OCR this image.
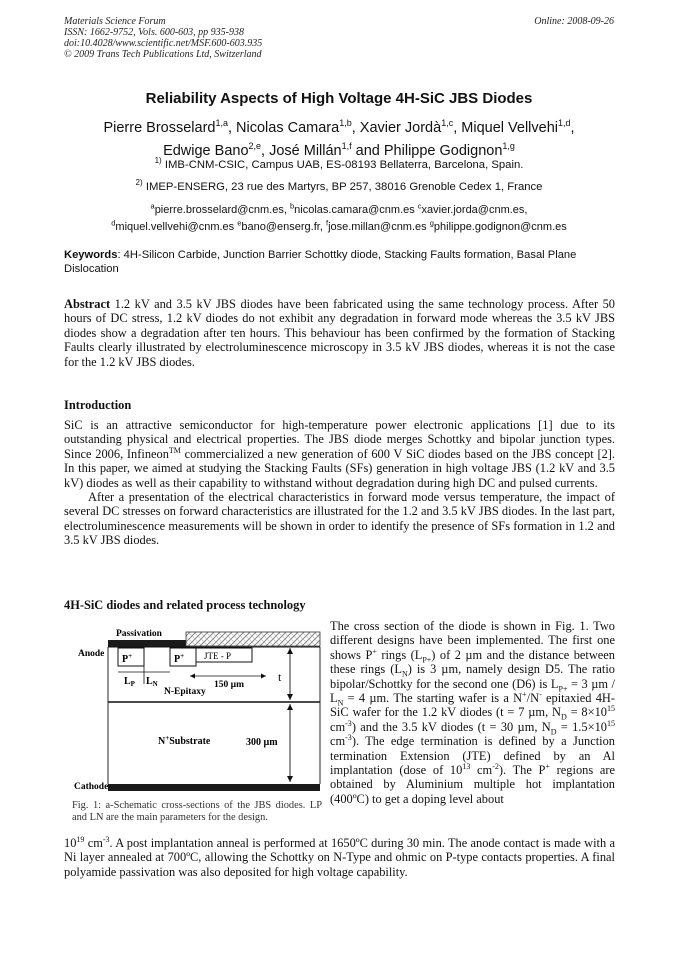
Materials Science Forum
ISSN: 1662-9752, Vols. 600-603, pp 935-938
doi:10.4028/www.scientific.net/MSF.600-603.935
© 2009 Trans Tech Publications Ltd, Switzerland
Online: 2008-09-26
Reliability Aspects of High Voltage 4H-SiC JBS Diodes
Pierre Brosselard$^{1,a}$, Nicolas Camara$^{1,b}$, Xavier Jordà$^{1,c}$, Miquel Vellvehi$^{1,d}$,
Edwige Bano$^{2,e}$, José Millán$^{1,f}$ and Philippe Godignon$^{1,g}$
$^{1)}$ IMB-CNM-CSIC, Campus UAB, ES-08193 Bellaterra, Barcelona, Spain.
$^{2)}$ IMEP-ENSERG, 23 rue des Martyrs, BP 257, 38016 Grenoble Cedex 1, France
$^a$pierre.brosselard@cnm.es, $^b$nicolas.camara@cnm.es $^c$xavier.jorda@cnm.es,
$^d$miquel.vellvehi@cnm.es $^e$bano@enserg.fr, $^f$jose.millan@cnm.es $^g$philippe.godignon@cnm.es
Keywords: 4H-Silicon Carbide, Junction Barrier Schottky diode, Stacking Faults formation, Basal Plane Dislocation
Abstract 1.2 kV and 3.5 kV JBS diodes have been fabricated using the same technology process. After 50 hours of DC stress, 1.2 kV diodes do not exhibit any degradation in forward mode whereas the 3.5 kV JBS diodes show a degradation after ten hours. This behaviour has been confirmed by the formation of Stacking Faults clearly illustrated by electroluminescence microscopy in 3.5 kV JBS diodes, whereas it is not the case for the 1.2 kV JBS diodes.
Introduction
SiC is an attractive semiconductor for high-temperature power electronic applications [1] due to its outstanding physical and electrical properties. The JBS diode merges Schottky and bipolar junction types. Since 2006, Infineon™ commercialized a new generation of 600 V SiC diodes based on the JBS concept [2]. In this paper, we aimed at studying the Stacking Faults (SFs) generation in high voltage JBS (1.2 kV and 3.5 kV) diodes as well as their capability to withstand without degradation during high DC and pulsed currents.
After a presentation of the electrical characteristics in forward mode versus temperature, the impact of several DC stresses on forward characteristics are illustrated for the 1.2 and 3.5 kV JBS diodes. In the last part, electroluminescence measurements will be shown in order to identify the presence of SFs formation in 1.2 and 3.5 kV JBS diodes.
4H-SiC diodes and related process technology
Passivation
Anode P+	P+ JTE - P
$L_P$ $L_N$	150 µm
N-Epitaxy
t
N+Substrate	300 µm
Cathode
Fig. 1: a-Schematic cross-sections of the JBS diodes. LP and LN are the main parameters for the design.
The cross section of the diode is shown in Fig. 1. Two different designs have been implemented. The first one shows P+ rings $(L_{P+})$ of 2 µm and the distance between these rings $(L_N)$ is 3 µm, namely design D5. The ratio bipolar/Schottky for the second one (D6) is $L_{P+} = 3$ $\mu m / L_N = 4$ µm. The starting wafer is a N+/N- epitaxied 4H-SiC wafer for the 1.2 kV diodes (t = 7 µm, $N_D = 8\times 10^{15}$ $cm^{-3}$) and the 3.5 kV diodes (t = 30 µm, $N_D = 1.5\times 10^{15}$ $cm^{-3}$). The edge termination is defined by a Junction termination Extension (JTE) defined by an Al implantation (dose of $10^{13}$ $cm^{-2}$). The P+ regions are obtained by Aluminium multiple hot implantation (400ºC) to get a doping level about
$10^{19}$ $cm^{-3}$. A post implantation anneal is performed at 1650ºC during 30 min. The anode contact is made with a Ni layer annealed at 700ºC, allowing the Schottky on N-Type and ohmic on P-type contacts properties. A final polyamide passivation was also deposited for high voltage capability.
